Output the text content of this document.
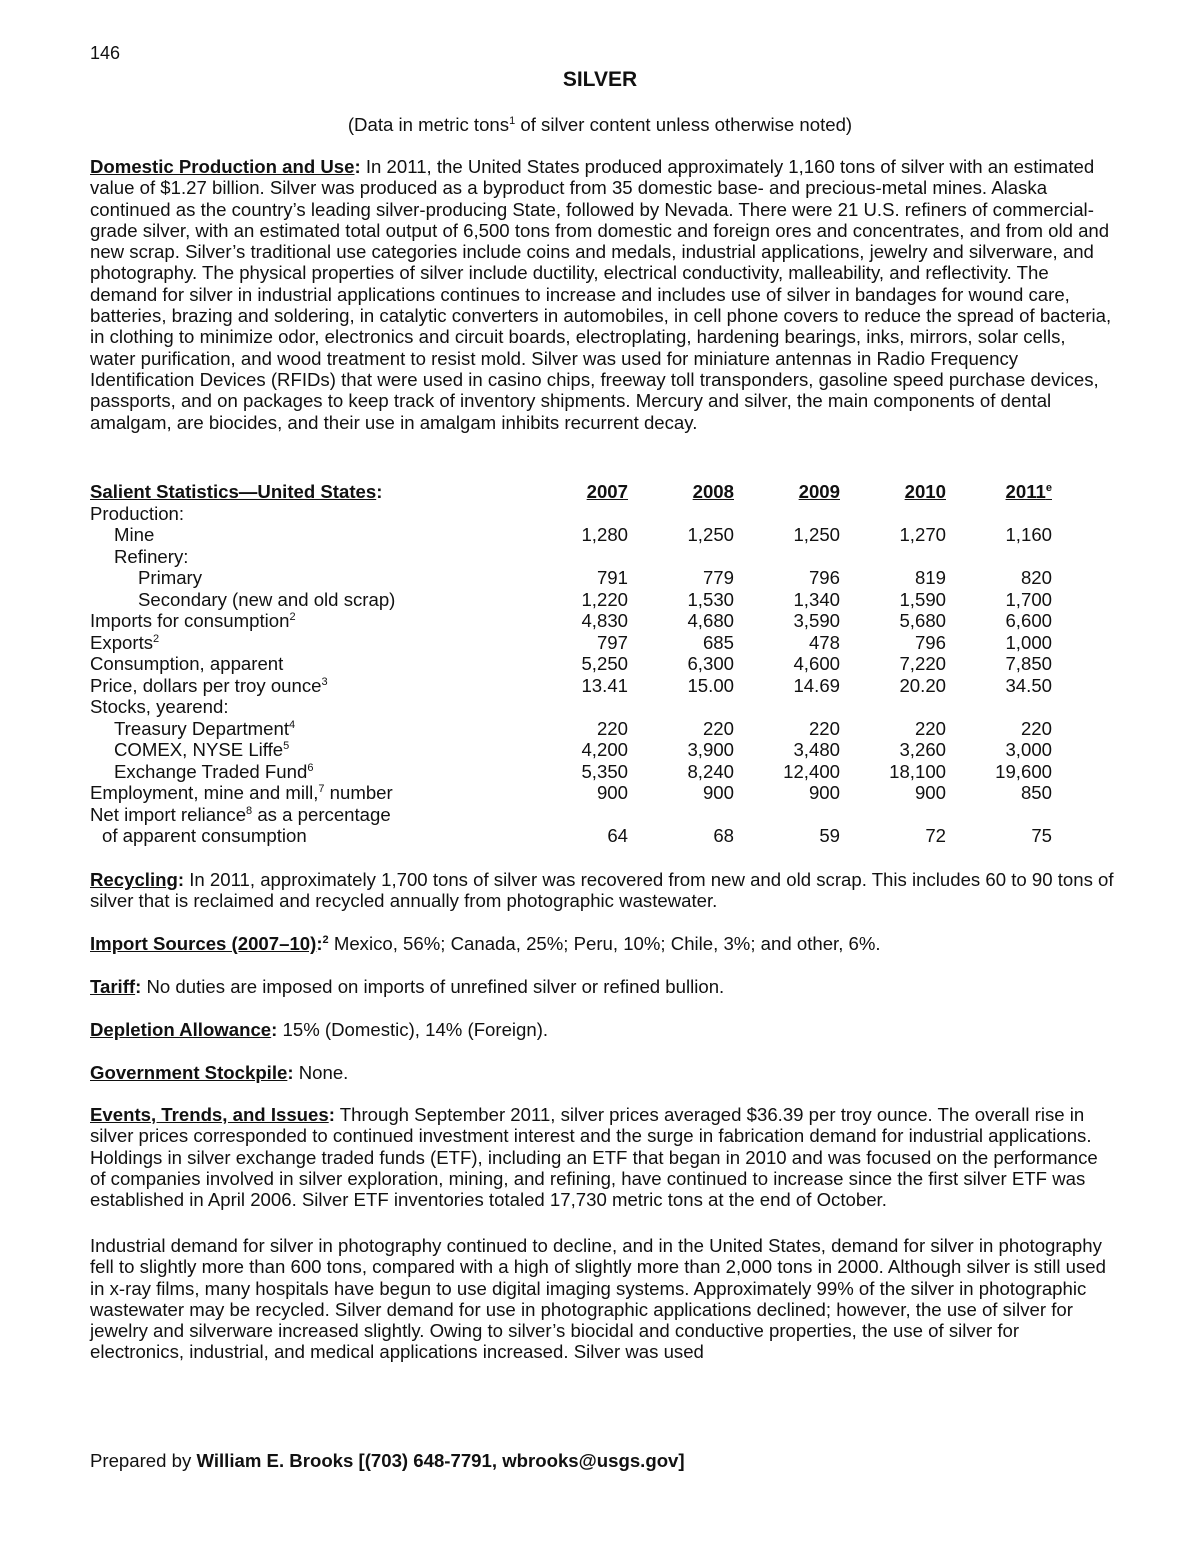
146
SILVER
(Data in metric tons$^1$ of silver content unless otherwise noted)
Domestic Production and Use: In 2011, the United States produced approximately 1,160 tons of silver with an estimated value of $1.27 billion. Silver was produced as a byproduct from 35 domestic base- and precious-metal mines. Alaska continued as the country’s leading silver-producing State, followed by Nevada. There were 21 U.S. refiners of commercial-grade silver, with an estimated total output of 6,500 tons from domestic and foreign ores and concentrates, and from old and new scrap. Silver’s traditional use categories include coins and medals, industrial applications, jewelry and silverware, and photography. The physical properties of silver include ductility, electrical conductivity, malleability, and reflectivity. The demand for silver in industrial applications continues to increase and includes use of silver in bandages for wound care, batteries, brazing and soldering, in catalytic converters in automobiles, in cell phone covers to reduce the spread of bacteria, in clothing to minimize odor, electronics and circuit boards, electroplating, hardening bearings, inks, mirrors, solar cells, water purification, and wood treatment to resist mold. Silver was used for miniature antennas in Radio Frequency Identification Devices (RFIDs) that were used in casino chips, freeway toll transponders, gasoline speed purchase devices, passports, and on packages to keep track of inventory shipments. Mercury and silver, the main components of dental amalgam, are biocides, and their use in amalgam inhibits recurrent decay.
Salient Statistics—United States:	2007	2008	2009	2010	2011e
Production:
Mine	1,280	1,250	1,250	1,270	1,160
Refinery:
Primary	791	779	796	819	820
Secondary (new and old scrap)	1,220	1,530	1,340	1,590	1,700
Imports for consumption$^2$	4,830	4,680	3,590	5,680	6,600
Exports$^2$	797	685	478	796	1,000
Consumption, apparent	5,250	6,300	4,600	7,220	7,850
Price, dollars per troy ounce$^3$	13.41	15.00	14.69	20.20	34.50
Stocks, yearend:
Treasury Department$^4$	220	220	220	220	220
COMEX, NYSE Liffe$^5$	4,200	3,900	3,480	3,260	3,000
Exchange Traded Fund$^6$	5,350	8,240	12,400	18,100	19,600
Employment, mine and mill,$^7$ number	900	900	900	900	850
Net import reliance$^8$ as a percentage
of apparent consumption	64	68	59	72	75
Recycling: In 2011, approximately 1,700 tons of silver was recovered from new and old scrap. This includes 60 to 90 tons of silver that is reclaimed and recycled annually from photographic wastewater.
Import Sources (2007–10):$^2$ Mexico, 56%; Canada, 25%; Peru, 10%; Chile, 3%; and other, 6%.
Tariff: No duties are imposed on imports of unrefined silver or refined bullion.
Depletion Allowance: 15% (Domestic), 14% (Foreign).
Government Stockpile: None.
Events, Trends, and Issues: Through September 2011, silver prices averaged $36.39 per troy ounce. The overall rise in silver prices corresponded to continued investment interest and the surge in fabrication demand for industrial applications. Holdings in silver exchange traded funds (ETF), including an ETF that began in 2010 and was focused on the performance of companies involved in silver exploration, mining, and refining, have continued to increase since the first silver ETF was established in April 2006. Silver ETF inventories totaled 17,730 metric tons at the end of October.
Industrial demand for silver in photography continued to decline, and in the United States, demand for silver in photography fell to slightly more than 600 tons, compared with a high of slightly more than 2,000 tons in 2000. Although silver is still used in x-ray films, many hospitals have begun to use digital imaging systems. Approximately 99% of the silver in photographic wastewater may be recycled. Silver demand for use in photographic applications declined; however, the use of silver for jewelry and silverware increased slightly. Owing to silver’s biocidal and conductive properties, the use of silver for electronics, industrial, and medical applications increased. Silver was used
Prepared by William E. Brooks [(703) 648-7791, wbrooks@usgs.gov]
